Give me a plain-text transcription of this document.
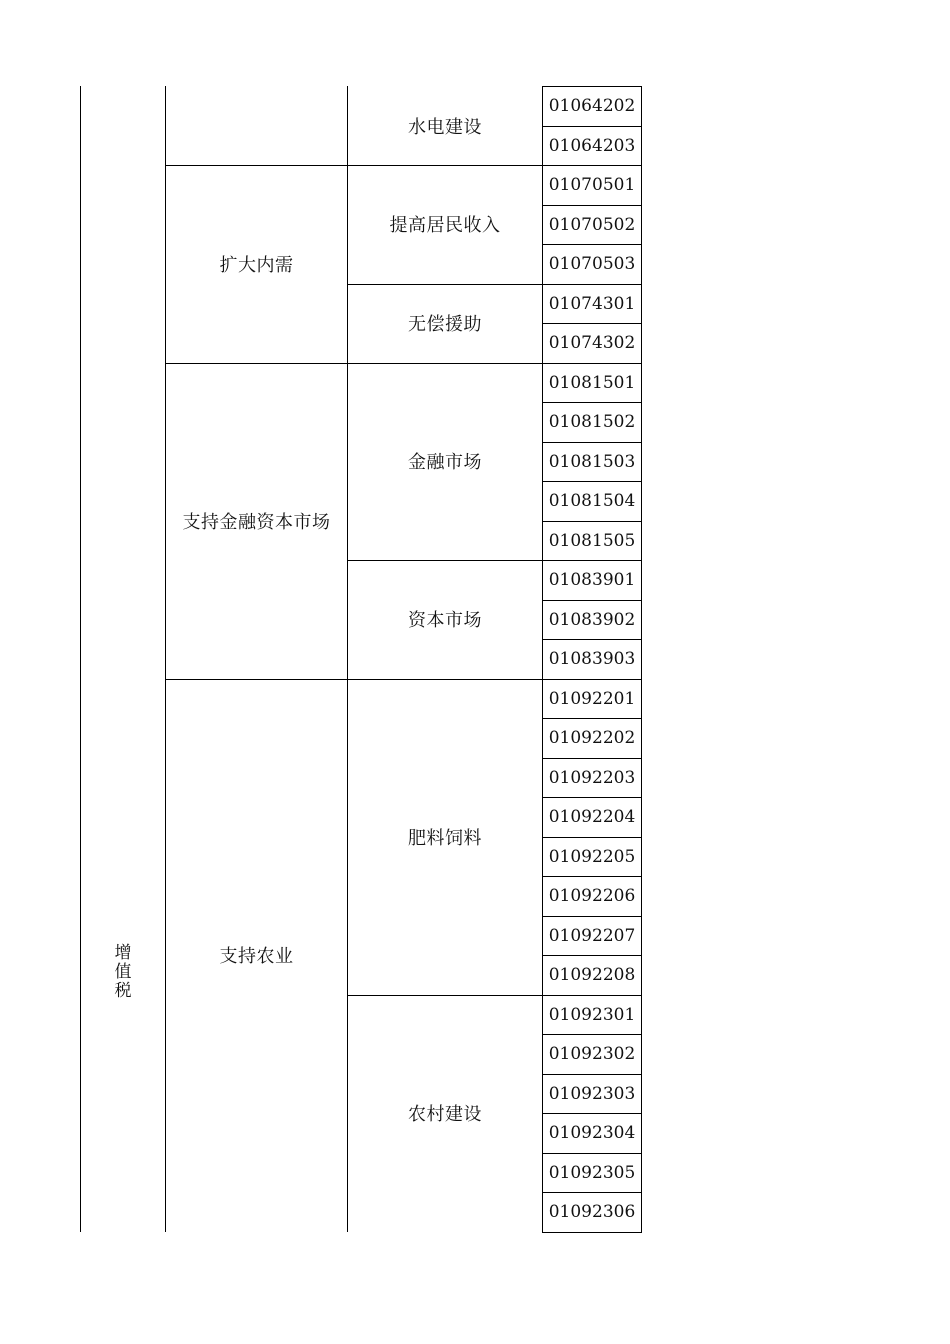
增
值
税
01064202
01064203
水电建设
01070501
01070502
01070503
提高居民收入
01074301
01074302
无偿援助
扩大内需
01081501
01081502
01081503
01081504
01081505
金融市场
01083901
01083902
01083903
资本市场
支持金融资本市场
01092201
01092202
01092203
01092204
01092205
01092206
01092207
01092208
肥料饲料
01092301
01092302
01092303
01092304
01092305
01092306
农村建设
支持农业
